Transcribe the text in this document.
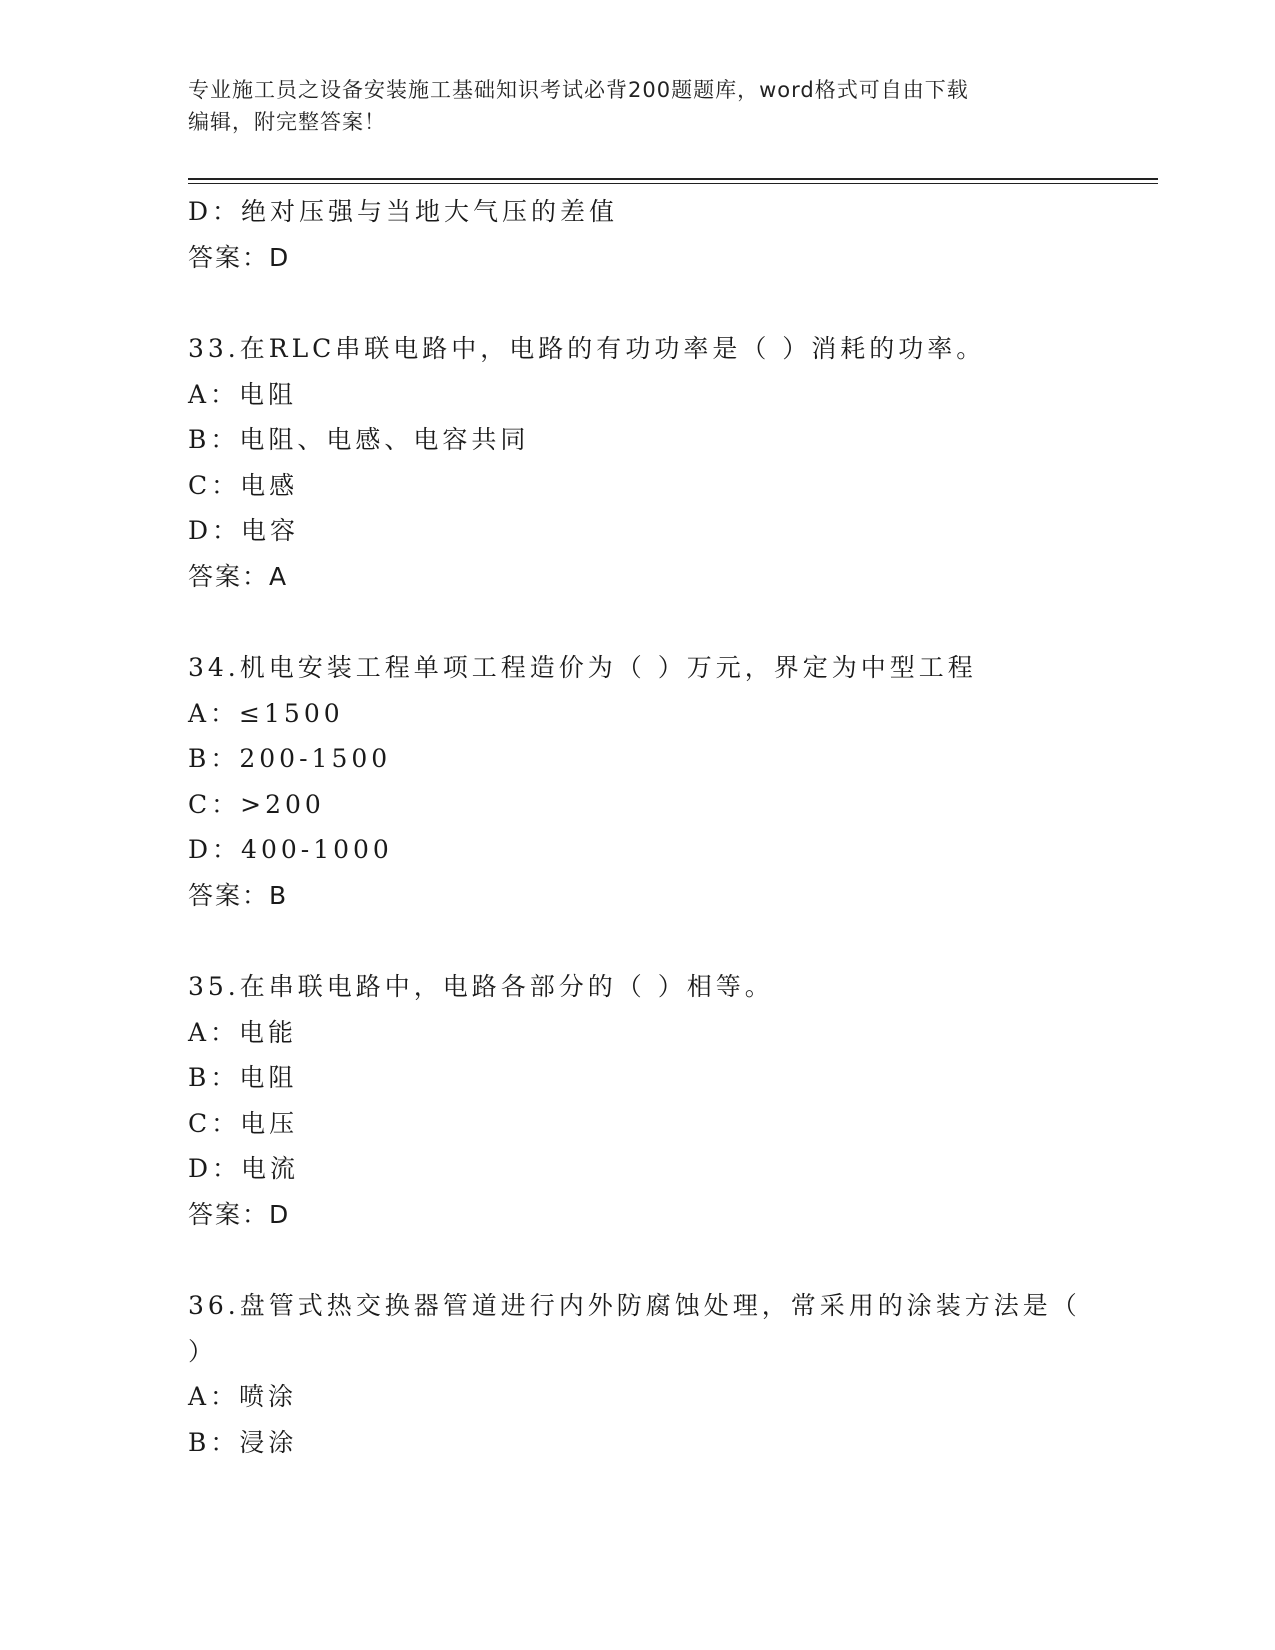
专业施工员之设备安装施工基础知识考试必背200题题库，word格式可自由下载
编辑，附完整答案！
D：绝对压强与当地大气压的差值
答案：D
33.在RLC串联电路中，电路的有功功率是（ ）消耗的功率。
A：电阻
B：电阻、电感、电容共同
C：电感
D：电容
答案：A
34.机电安装工程单项工程造价为（ ）万元，界定为中型工程
A：≤1500
B：200-1500
C：>200
D：400-1000
答案：B
35.在串联电路中，电路各部分的（ ）相等。
A：电能
B：电阻
C：电压
D：电流
答案：D
36.盘管式热交换器管道进行内外防腐蚀处理，常采用的涂装方法是（
）
A：喷涂
B：浸涂
